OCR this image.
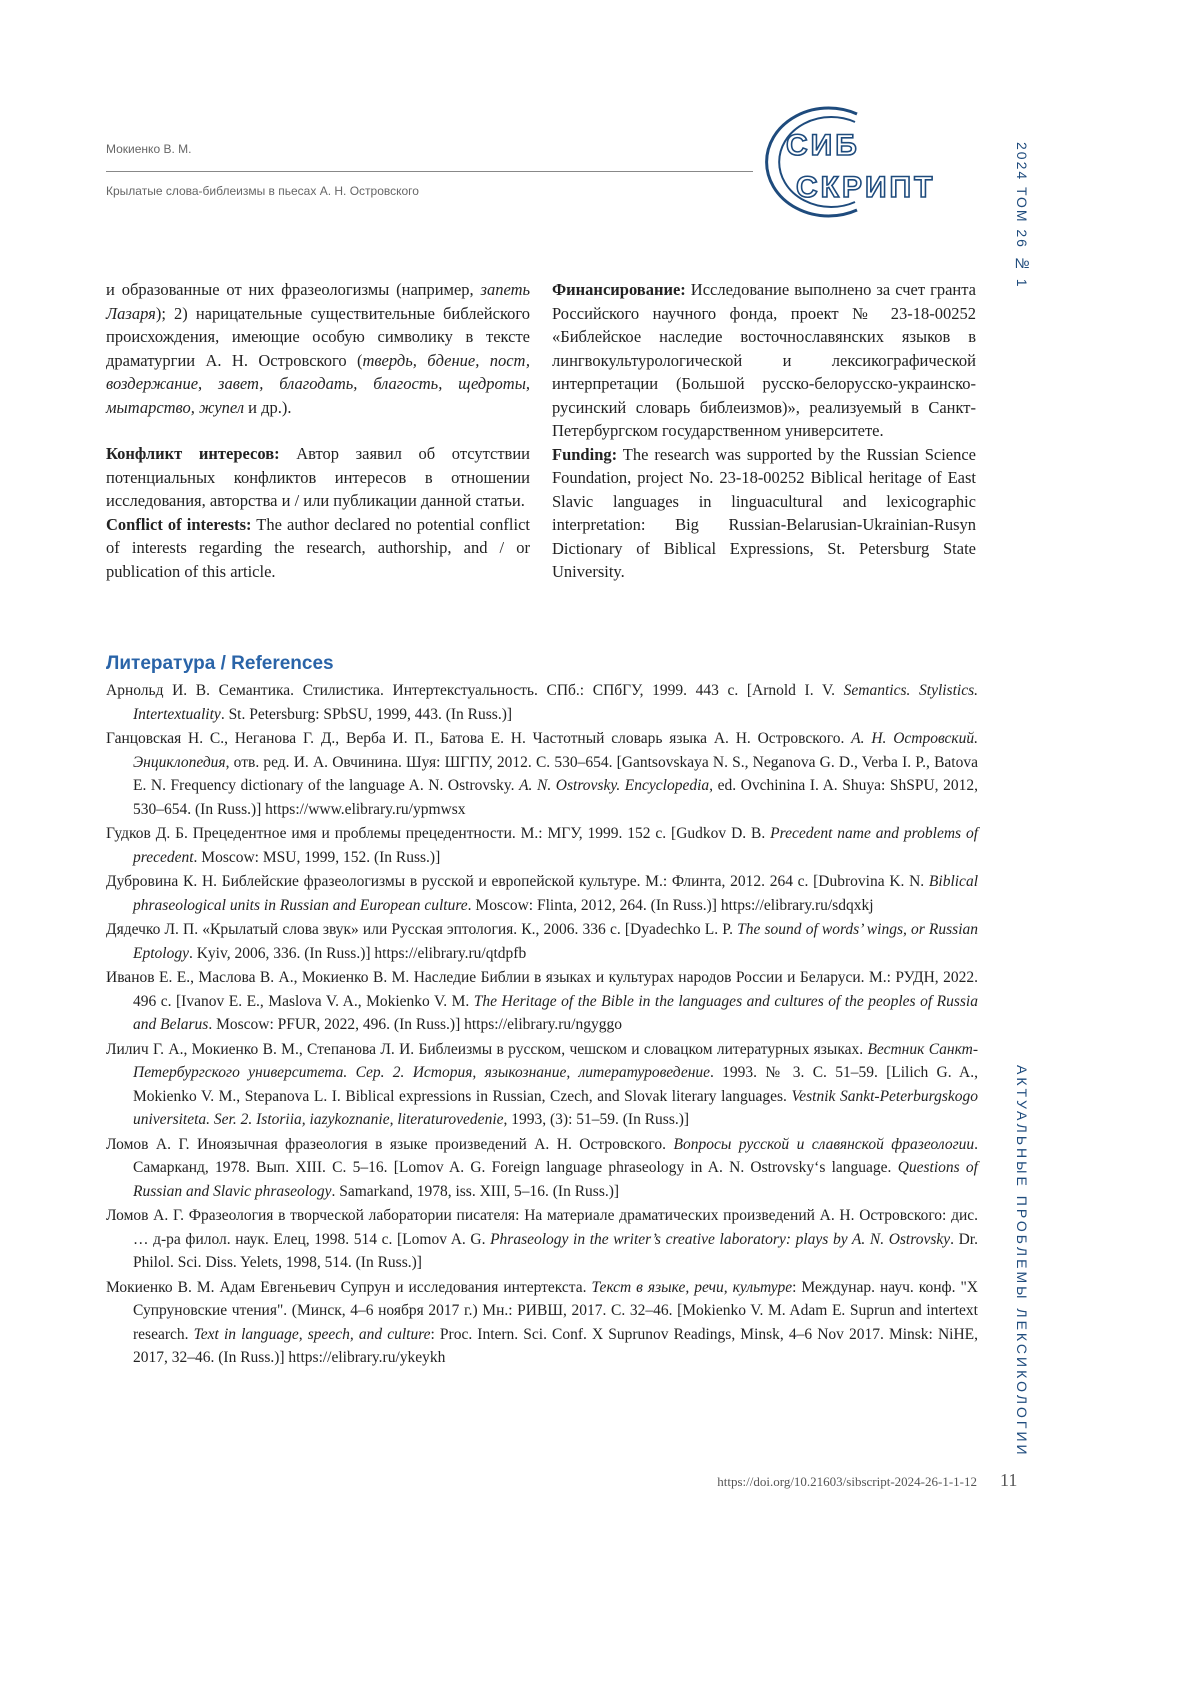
Мокиенко В. М.
Крылатые слова-библеизмы в пьесах А. Н. Островского
СИБ
СКРИПТ	2024 ТОМ 26 № 1
АКТУАЛЬНЫЕ ПРОБЛЕМЫ ЛЕКСИКОЛОГИИ

и образованные от них фразеологизмы (например, запеть Лазаря); 2) нарицательные существительные библейского происхождения, имеющие особую символику в тексте драматургии А. Н. Островского (твердь, бдение, пост, воздержание, завет, благодать, благость, щедроты, мытарство, жупел и др.).

Конфликт интересов: Автор заявил об отсутствии потенциальных конфликтов интересов в отношении исследования, авторства и / или публикации данной статьи.

Conflict of interests: The author declared no potential conflict of interests regarding the research, authorship, and / or publication of this article.

Финансирование: Исследование выполнено за счет гранта Российского научного фонда, проект № 23-18-00252 «Библейское наследие восточнославянских языков в лингвокультурологической и лексикографической интерпретации (Большой русско-белорусско-украинско-русинский словарь библеизмов)», реализуемый в Санкт-Петербургском государственном университете.

Funding: The research was supported by the Russian Science Foundation, project No. 23-18-00252 Biblical heritage of East Slavic languages in linguacultural and lexicographic interpretation: Big Russian-Belarusian-Ukrainian-Rusyn Dictionary of Biblical Expressions, St. Petersburg State University.

Литература / References

Арнольд И. В. Семантика. Стилистика. Интертекстуальность. СПб.: СПбГУ, 1999. 443 с. [Arnold I. V. Semantics. Stylistics. Intertextuality. St. Petersburg: SPbSU, 1999, 443. (In Russ.)]

Ганцовская Н. С., Неганова Г. Д., Верба И. П., Батова Е. Н. Частотный словарь языка А. Н. Островского. А. Н. Островский. Энциклопедия, отв. ред. И. А. Овчинина. Шуя: ШГПУ, 2012. С. 530–654. [Gantsovskaya N. S., Neganova G. D., Verba I. P., Batova E. N. Frequency dictionary of the language A. N. Ostrovsky. A. N. Ostrovsky. Encyclopedia, ed. Ovchinina I. A. Shuya: ShSPU, 2012, 530–654. (In Russ.)] https://www.elibrary.ru/ypmwsx

Гудков Д. Б. Прецедентное имя и проблемы прецедентности. М.: МГУ, 1999. 152 с. [Gudkov D. B. Precedent name and problems of precedent. Moscow: MSU, 1999, 152. (In Russ.)]

Дубровина К. Н. Библейские фразеологизмы в русской и европейской культуре. М.: Флинта, 2012. 264 с. [Dubrovina K. N. Biblical phraseological units in Russian and European culture. Moscow: Flinta, 2012, 264. (In Russ.)] https://elibrary.ru/sdqxkj

Дядечко Л. П. «Крылатый слова звук» или Русская эптология. К., 2006. 336 с. [Dyadechko L. P. The sound of words’ wings, or Russian Eptology. Kyiv, 2006, 336. (In Russ.)] https://elibrary.ru/qtdpfb

Иванов Е. Е., Маслова В. А., Мокиенко В. М. Наследие Библии в языках и культурах народов России и Беларуси. М.: РУДН, 2022. 496 с. [Ivanov E. E., Maslova V. A., Mokienko V. M. The Heritage of the Bible in the languages and cultures of the peoples of Russia and Belarus. Moscow: PFUR, 2022, 496. (In Russ.)] https://elibrary.ru/ngyggo

Лилич Г. А., Мокиенко В. М., Степанова Л. И. Библеизмы в русском, чешском и словацком литературных языках. Вестник Санкт-Петербургского университета. Сер. 2. История, языкознание, литературоведение. 1993. № 3. С. 51–59. [Lilich G. A., Mokienko V. M., Stepanova L. I. Biblical expressions in Russian, Czech, and Slovak literary languages. Vestnik Sankt-Peterburgskogo universiteta. Ser. 2. Istoriia, iazykoznanie, literaturovedenie, 1993, (3): 51–59. (In Russ.)]

Ломов А. Г. Иноязычная фразеология в языке произведений А. Н. Островского. Вопросы русской и славянской фразеологии. Самарканд, 1978. Вып. XIII. С. 5–16. [Lomov A. G. Foreign language phraseology in A. N. Ostrovsky‘s language. Questions of Russian and Slavic phraseology. Samarkand, 1978, iss. XIII, 5–16. (In Russ.)]

Ломов А. Г. Фразеология в творческой лаборатории писателя: На материале драматических произведений А. Н. Островского: дис. … д-ра филол. наук. Елец, 1998. 514 с. [Lomov A. G. Phraseology in the writer’s creative laboratory: plays by A. N. Ostrovsky. Dr. Philol. Sci. Diss. Yelets, 1998, 514. (In Russ.)]

Мокиенко В. М. Адам Евгеньевич Супрун и исследования интертекста. Текст в языке, речи, культуре: Междунар. науч. конф. "X Супруновские чтения". (Минск, 4–6 ноября 2017 г.) Мн.: РИВШ, 2017. С. 32–46. [Mokienko V. M. Adam E. Suprun and intertext research. Text in language, speech, and culture: Proc. Intern. Sci. Conf. X Suprunov Readings, Minsk, 4–6 Nov 2017. Minsk: NiHE, 2017, 32–46. (In Russ.)] https://elibrary.ru/ykeykh

https://doi.org/10.21603/sibscript-2024-26-1-1-12 11
